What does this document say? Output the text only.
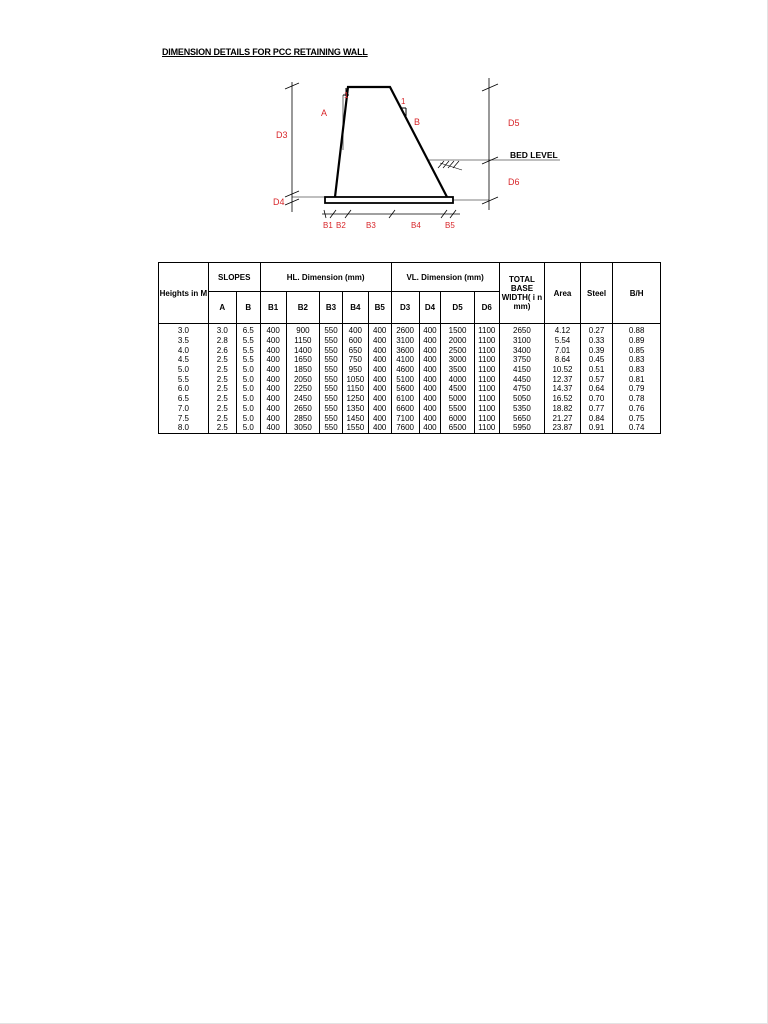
DIMENSION DETAILS FOR PCC RETAINING WALL
A
1
1
B
D3
D4
D5
D6
B1 B2	B3	B4	B5
BED LEVEL
Heights in M	SLOPES		HL. Dimension (mm)					VL. Dimension (mm)				TOTAL BASE WIDTH( i n mm)	Area	Steel	B/H
	A	B	B1	B2	B3	B4	B5	D3	D4	D5	D6				
3.0	3.0	6.5	400	900	550	400	400	2600	400	1500	1100	2650	4.12	0.27	0.88
3.5	2.8	5.5	400	1150	550	600	400	3100	400	2000	1100	3100	5.54	0.33	0.89
4.0	2.6	5.5	400	1400	550	650	400	3600	400	2500	1100	3400	7.01	0.39	0.85
4.5	2.5	5.5	400	1650	550	750	400	4100	400	3000	1100	3750	8.64	0.45	0.83
5.0	2.5	5.0	400	1850	550	950	400	4600	400	3500	1100	4150	10.52	0.51	0.83
5.5	2.5	5.0	400	2050	550	1050	400	5100	400	4000	1100	4450	12.37	0.57	0.81
6.0	2.5	5.0	400	2250	550	1150	400	5600	400	4500	1100	4750	14.37	0.64	0.79
6.5	2.5	5.0	400	2450	550	1250	400	6100	400	5000	1100	5050	16.52	0.70	0.78
7.0	2.5	5.0	400	2650	550	1350	400	6600	400	5500	1100	5350	18.82	0.77	0.76
7.5	2.5	5.0	400	2850	550	1450	400	7100	400	6000	1100	5650	21.27	0.84	0.75
8.0	2.5	5.0	400	3050	550	1550	400	7600	400	6500	1100	5950	23.87	0.91	0.74
